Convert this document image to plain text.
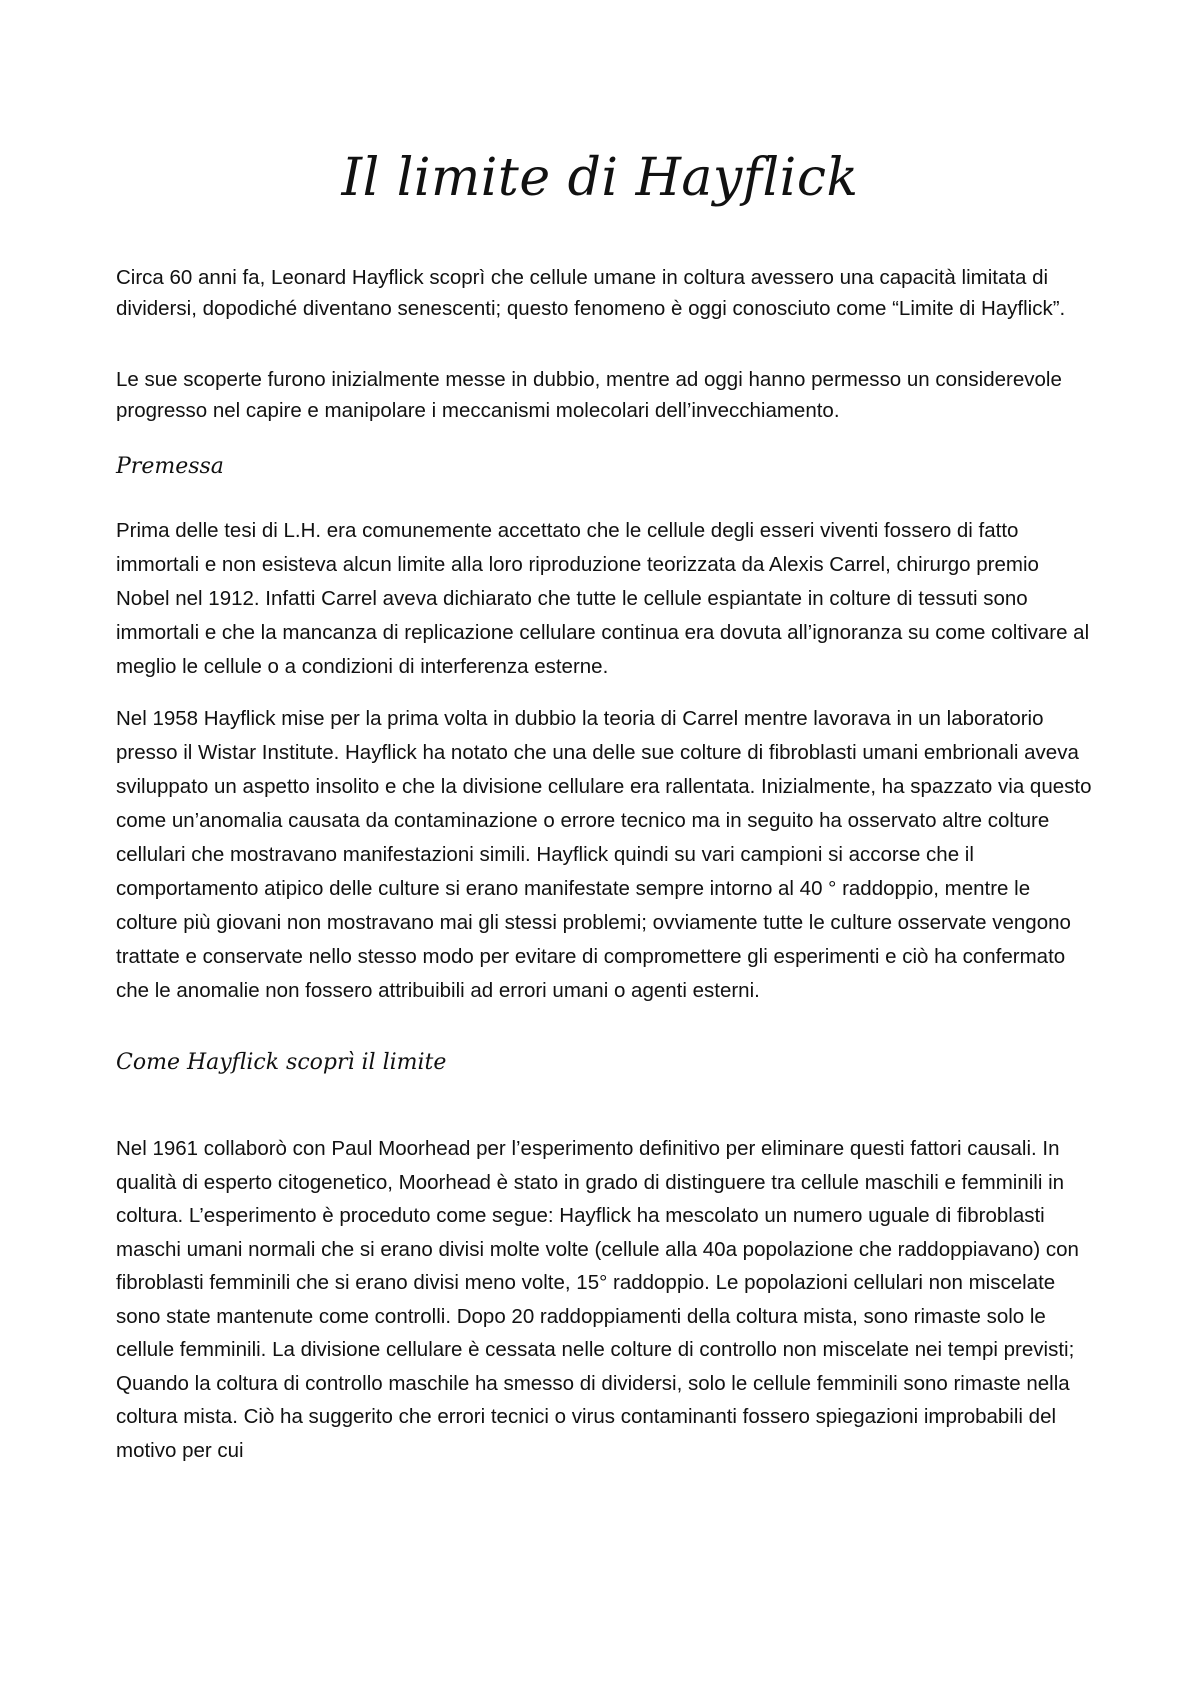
Il limite di Hayflick

Circa 60 anni fa, Leonard Hayflick scoprì che cellule umane in coltura avessero una capacità limitata di dividersi, dopodiché diventano senescenti; questo fenomeno è oggi conosciuto come “Limite di Hayflick”.

Le sue scoperte furono inizialmente messe in dubbio, mentre ad oggi hanno permesso un considerevole progresso nel capire e manipolare i meccanismi molecolari dell’invecchiamento.

Premessa

Prima delle tesi di L.H. era comunemente accettato che le cellule degli esseri viventi fossero di fatto immortali e non esisteva alcun limite alla loro riproduzione teorizzata da Alexis Carrel, chirurgo premio Nobel nel 1912. Infatti Carrel aveva dichiarato che tutte le cellule espiantate in colture di tessuti sono immortali e che la mancanza di replicazione cellulare continua era dovuta all’ignoranza su come coltivare al meglio le cellule o a condizioni di interferenza esterne.

Nel 1958 Hayflick mise per la prima volta in dubbio la teoria di Carrel mentre lavorava in un laboratorio presso il Wistar Institute. Hayflick ha notato che una delle sue colture di fibroblasti umani embrionali aveva sviluppato un aspetto insolito e che la divisione cellulare era rallentata. Inizialmente, ha spazzato via questo come un’anomalia causata da contaminazione o errore tecnico ma in seguito ha osservato altre colture cellulari che mostravano manifestazioni simili. Hayflick quindi su vari campioni si accorse che il comportamento atipico delle culture si erano manifestate sempre intorno al 40 ° raddoppio, mentre le colture più giovani non mostravano mai gli stessi problemi; ovviamente tutte le culture osservate vengono trattate e conservate nello stesso modo per evitare di compromettere gli esperimenti e ciò ha confermato che le anomalie non fossero attribuibili ad errori umani o agenti esterni.

Come Hayflick scoprì il limite

Nel 1961 collaborò con Paul Moorhead per l’esperimento definitivo per eliminare questi fattori causali. In qualità di esperto citogenetico, Moorhead è stato in grado di distinguere tra cellule maschili e femminili in coltura. L’esperimento è proceduto come segue: Hayflick ha mescolato un numero uguale di fibroblasti maschi umani normali che si erano divisi molte volte (cellule alla 40a popolazione che raddoppiavano) con fibroblasti femminili che si erano divisi meno volte, 15° raddoppio. Le popolazioni cellulari non miscelate sono state mantenute come controlli. Dopo 20 raddoppiamenti della coltura mista, sono rimaste solo le cellule femminili. La divisione cellulare è cessata nelle colture di controllo non miscelate nei tempi previsti; Quando la coltura di controllo maschile ha smesso di dividersi, solo le cellule femminili sono rimaste nella coltura mista. Ciò ha suggerito che errori tecnici o virus contaminanti fossero spiegazioni improbabili del motivo per cui
